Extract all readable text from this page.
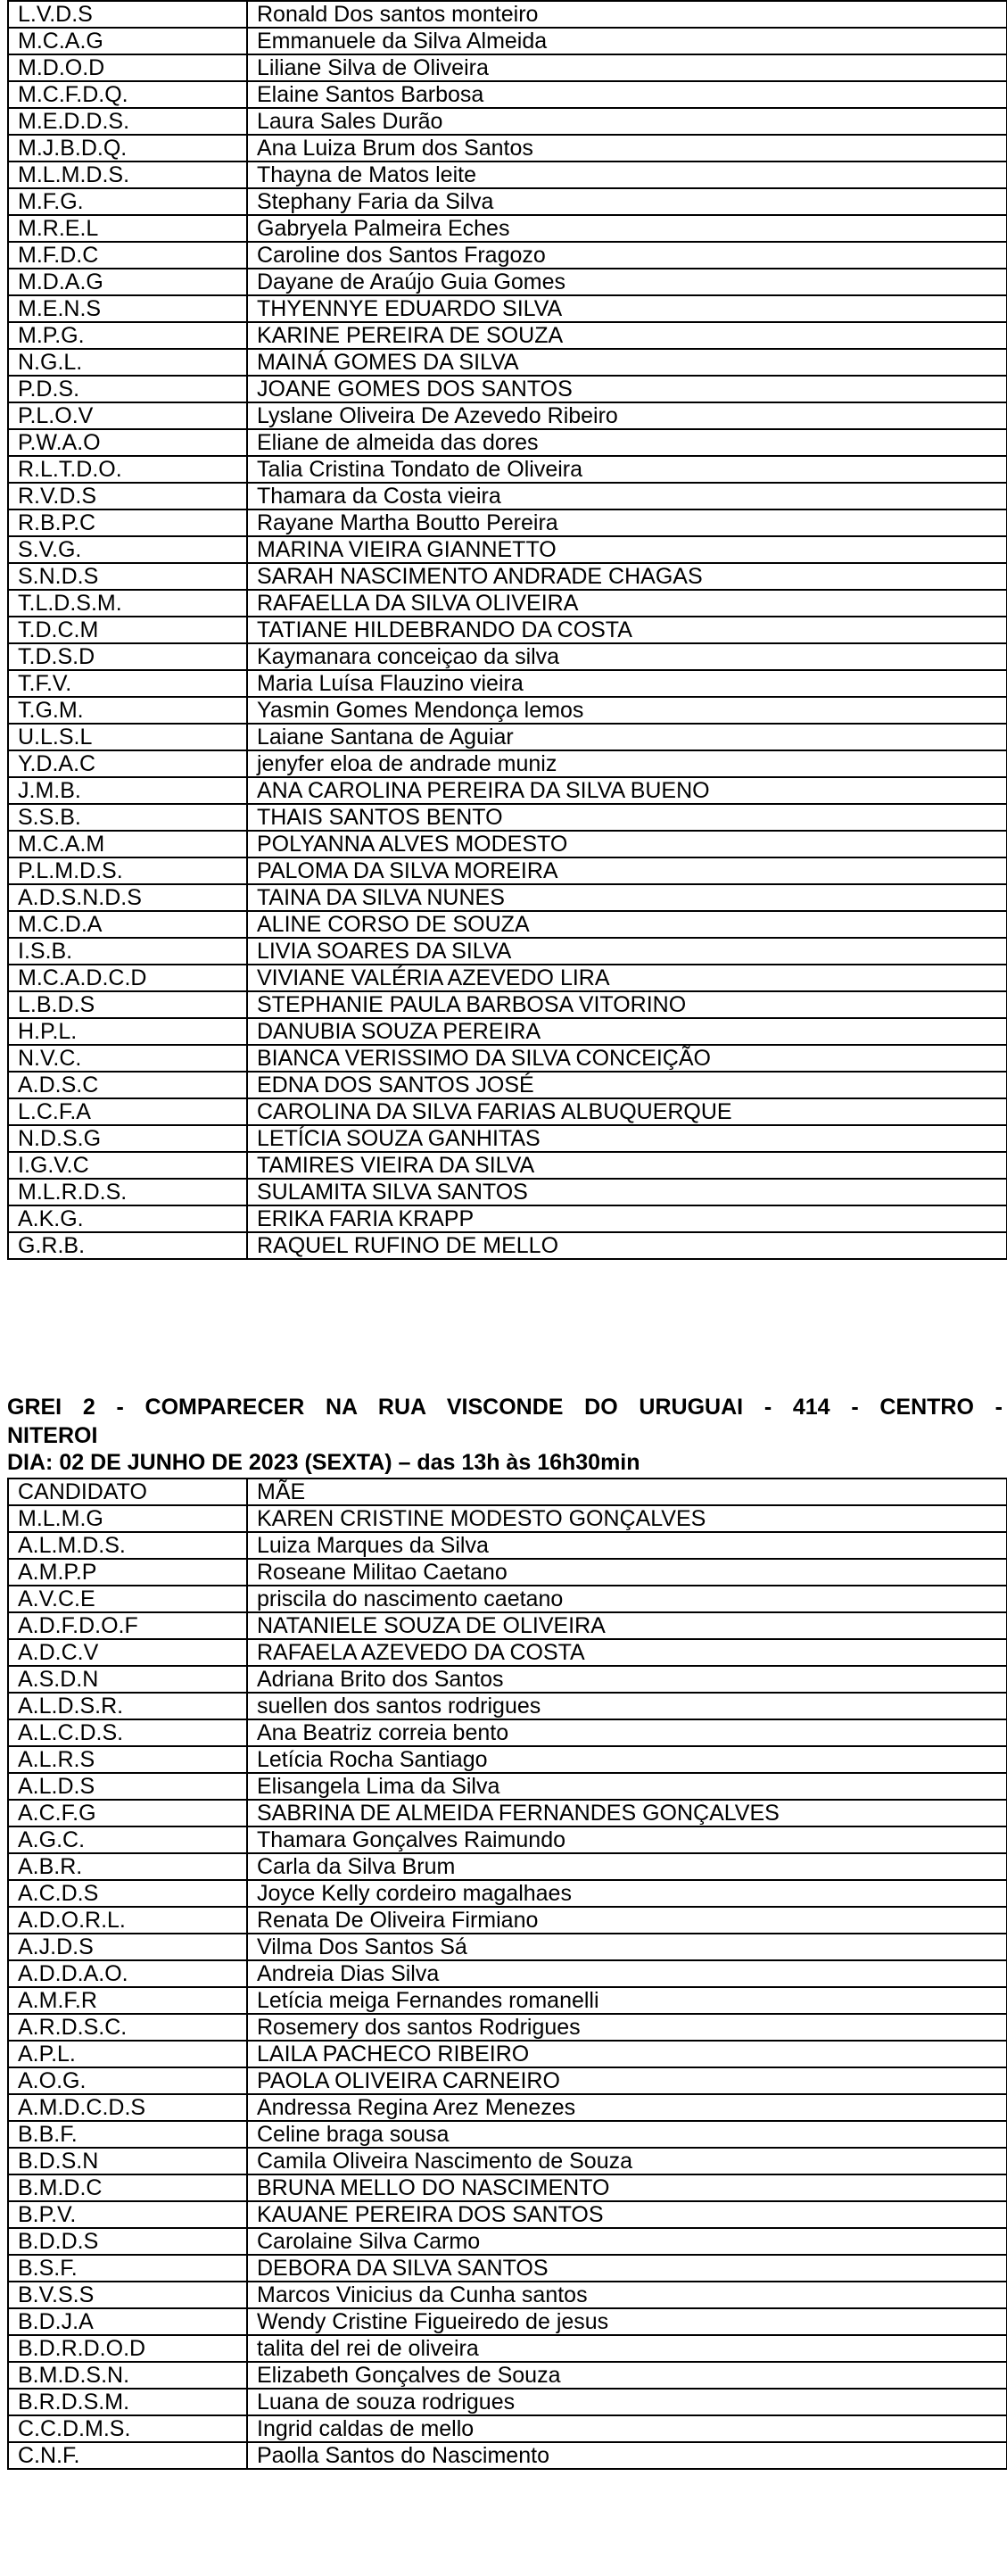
L.V.D.S	Ronald Dos santos monteiro
M.C.A.G	Emmanuele da Silva Almeida
M.D.O.D	Liliane Silva de Oliveira
M.C.F.D.Q.	Elaine Santos Barbosa
M.E.D.D.S.	Laura Sales Durão
M.J.B.D.Q.	Ana Luiza Brum dos Santos
M.L.M.D.S.	Thayna de Matos leite
M.F.G.	Stephany Faria da Silva
M.R.E.L	Gabryela Palmeira Eches
M.F.D.C	Caroline dos Santos Fragozo
M.D.A.G	Dayane de Araújo Guia Gomes
M.E.N.S	THYENNYE EDUARDO SILVA
M.P.G.	KARINE PEREIRA DE SOUZA
N.G.L.	MAINÁ GOMES DA SILVA
P.D.S.	JOANE GOMES DOS SANTOS
P.L.O.V	Lyslane Oliveira De Azevedo Ribeiro
P.W.A.O	Eliane de almeida das dores
R.L.T.D.O.	Talia Cristina Tondato de Oliveira
R.V.D.S	Thamara da Costa vieira
R.B.P.C	Rayane Martha Boutto Pereira
S.V.G.	MARINA VIEIRA GIANNETTO
S.N.D.S	SARAH NASCIMENTO ANDRADE CHAGAS
T.L.D.S.M.	RAFAELLA DA SILVA OLIVEIRA
T.D.C.M	TATIANE HILDEBRANDO DA COSTA
T.D.S.D	Kaymanara conceiçao da silva
T.F.V.	Maria Luísa Flauzino vieira
T.G.M.	Yasmin Gomes Mendonça lemos
U.L.S.L	Laiane Santana de Aguiar
Y.D.A.C	jenyfer eloa de andrade muniz
J.M.B.	ANA CAROLINA PEREIRA DA SILVA BUENO
S.S.B.	THAIS SANTOS BENTO
M.C.A.M	POLYANNA ALVES MODESTO
P.L.M.D.S.	PALOMA DA SILVA MOREIRA
A.D.S.N.D.S	TAINA DA SILVA NUNES
M.C.D.A	ALINE CORSO DE SOUZA
I.S.B.	LIVIA SOARES DA SILVA
M.C.A.D.C.D	VIVIANE VALÉRIA AZEVEDO LIRA
L.B.D.S	STEPHANIE PAULA BARBOSA VITORINO
H.P.L.	DANUBIA SOUZA PEREIRA
N.V.C.	BIANCA VERISSIMO DA SILVA CONCEIÇÃO
A.D.S.C	EDNA DOS SANTOS JOSÉ
L.C.F.A	CAROLINA DA SILVA FARIAS ALBUQUERQUE
N.D.S.G	LETÍCIA SOUZA GANHITAS
I.G.V.C	TAMIRES VIEIRA DA SILVA
M.L.R.D.S.	SULAMITA SILVA SANTOS
A.K.G.	ERIKA FARIA KRAPP
G.R.B.	RAQUEL RUFINO DE MELLO
GREI 2 - COMPARECER NA RUA VISCONDE DO URUGUAI - 414 - CENTRO -
NITEROI
DIA: 02 DE JUNHO DE 2023 (SEXTA) – das 13h às 16h30min
CANDIDATO	MÃE
M.L.M.G	KAREN CRISTINE MODESTO GONÇALVES
A.L.M.D.S.	Luiza Marques da Silva
A.M.P.P	Roseane Militao Caetano
A.V.C.E	priscila do nascimento caetano
A.D.F.D.O.F	NATANIELE SOUZA DE OLIVEIRA
A.D.C.V	RAFAELA AZEVEDO DA COSTA
A.S.D.N	Adriana Brito dos Santos
A.L.D.S.R.	suellen dos santos rodrigues
A.L.C.D.S.	Ana Beatriz correia bento
A.L.R.S	Letícia Rocha Santiago
A.L.D.S	Elisangela Lima da Silva
A.C.F.G	SABRINA DE ALMEIDA FERNANDES GONÇALVES
A.G.C.	Thamara Gonçalves Raimundo
A.B.R.	Carla da Silva Brum
A.C.D.S	Joyce Kelly cordeiro magalhaes
A.D.O.R.L.	Renata De Oliveira Firmiano
A.J.D.S	Vilma Dos Santos Sá
A.D.D.A.O.	Andreia Dias Silva
A.M.F.R	Letícia meiga Fernandes romanelli
A.R.D.S.C.	Rosemery dos santos Rodrigues
A.P.L.	LAILA PACHECO RIBEIRO
A.O.G.	PAOLA OLIVEIRA CARNEIRO
A.M.D.C.D.S	Andressa Regina Arez Menezes
B.B.F.	Celine braga sousa
B.D.S.N	Camila Oliveira Nascimento de Souza
B.M.D.C	BRUNA MELLO DO NASCIMENTO
B.P.V.	KAUANE PEREIRA DOS SANTOS
B.D.D.S	Carolaine Silva Carmo
B.S.F.	DEBORA DA SILVA SANTOS
B.V.S.S	Marcos Vinicius da Cunha santos
B.D.J.A	Wendy Cristine Figueiredo de jesus
B.D.R.D.O.D	talita del rei de oliveira
B.M.D.S.N.	Elizabeth Gonçalves de Souza
B.R.D.S.M.	Luana de souza rodrigues
C.C.D.M.S.	Ingrid caldas de mello
C.N.F.	Paolla Santos do Nascimento
